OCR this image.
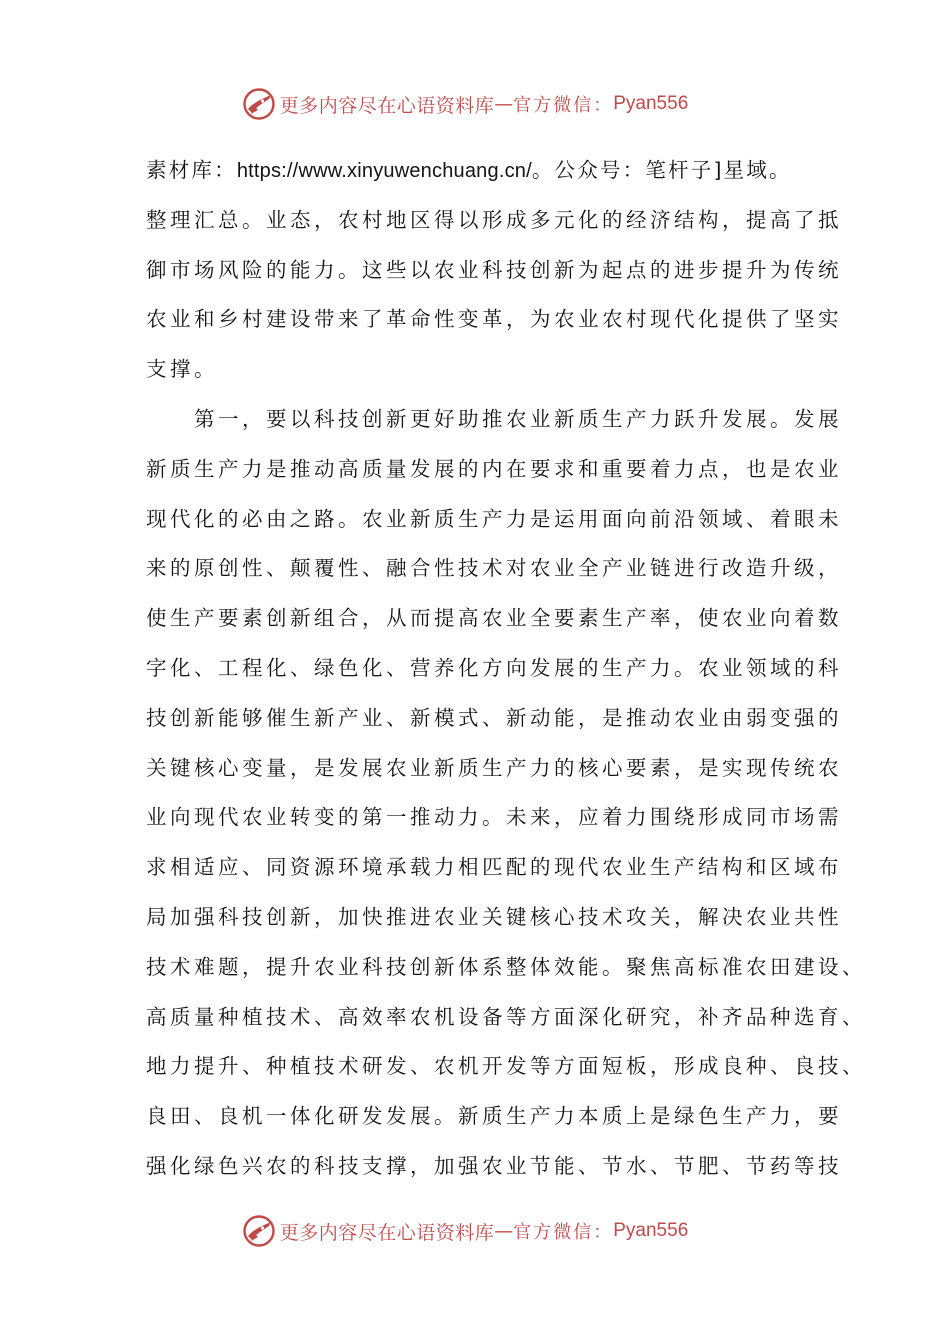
更多内容尽在心语资料库 — 官方微信： Pyan556
素材库：https://www.xinyuwenchuang.cn/。公众号：笔杆子]星域。
整理汇总。业态，农村地区得以形成多元化的经济结构，提高了抵
御市场风险的能力。这些以农业科技创新为起点的进步提升为传统
农业和乡村建设带来了革命性变革，为农业农村现代化提供了坚实
支撑。
　　第一，要以科技创新更好助推农业新质生产力跃升发展。发展
新质生产力是推动高质量发展的内在要求和重要着力点，也是农业
现代化的必由之路。农业新质生产力是运用面向前沿领域、着眼未
来的原创性、颠覆性、融合性技术对农业全产业链进行改造升级，
使生产要素创新组合，从而提高农业全要素生产率，使农业向着数
字化、工程化、绿色化、营养化方向发展的生产力。农业领域的科
技创新能够催生新产业、新模式、新动能，是推动农业由弱变强的
关键核心变量，是发展农业新质生产力的核心要素，是实现传统农
业向现代农业转变的第一推动力。未来，应着力围绕形成同市场需
求相适应、同资源环境承载力相匹配的现代农业生产结构和区域布
局加强科技创新，加快推进农业关键核心技术攻关，解决农业共性
技术难题，提升农业科技创新体系整体效能。聚焦高标准农田建设、
高质量种植技术、高效率农机设备等方面深化研究，补齐品种选育、
地力提升、种植技术研发、农机开发等方面短板，形成良种、良技、
良田、良机一体化研发发展。新质生产力本质上是绿色生产力，要
强化绿色兴农的科技支撑，加强农业节能、节水、节肥、节药等技
更多内容尽在心语资料库 — 官方微信： Pyan556
